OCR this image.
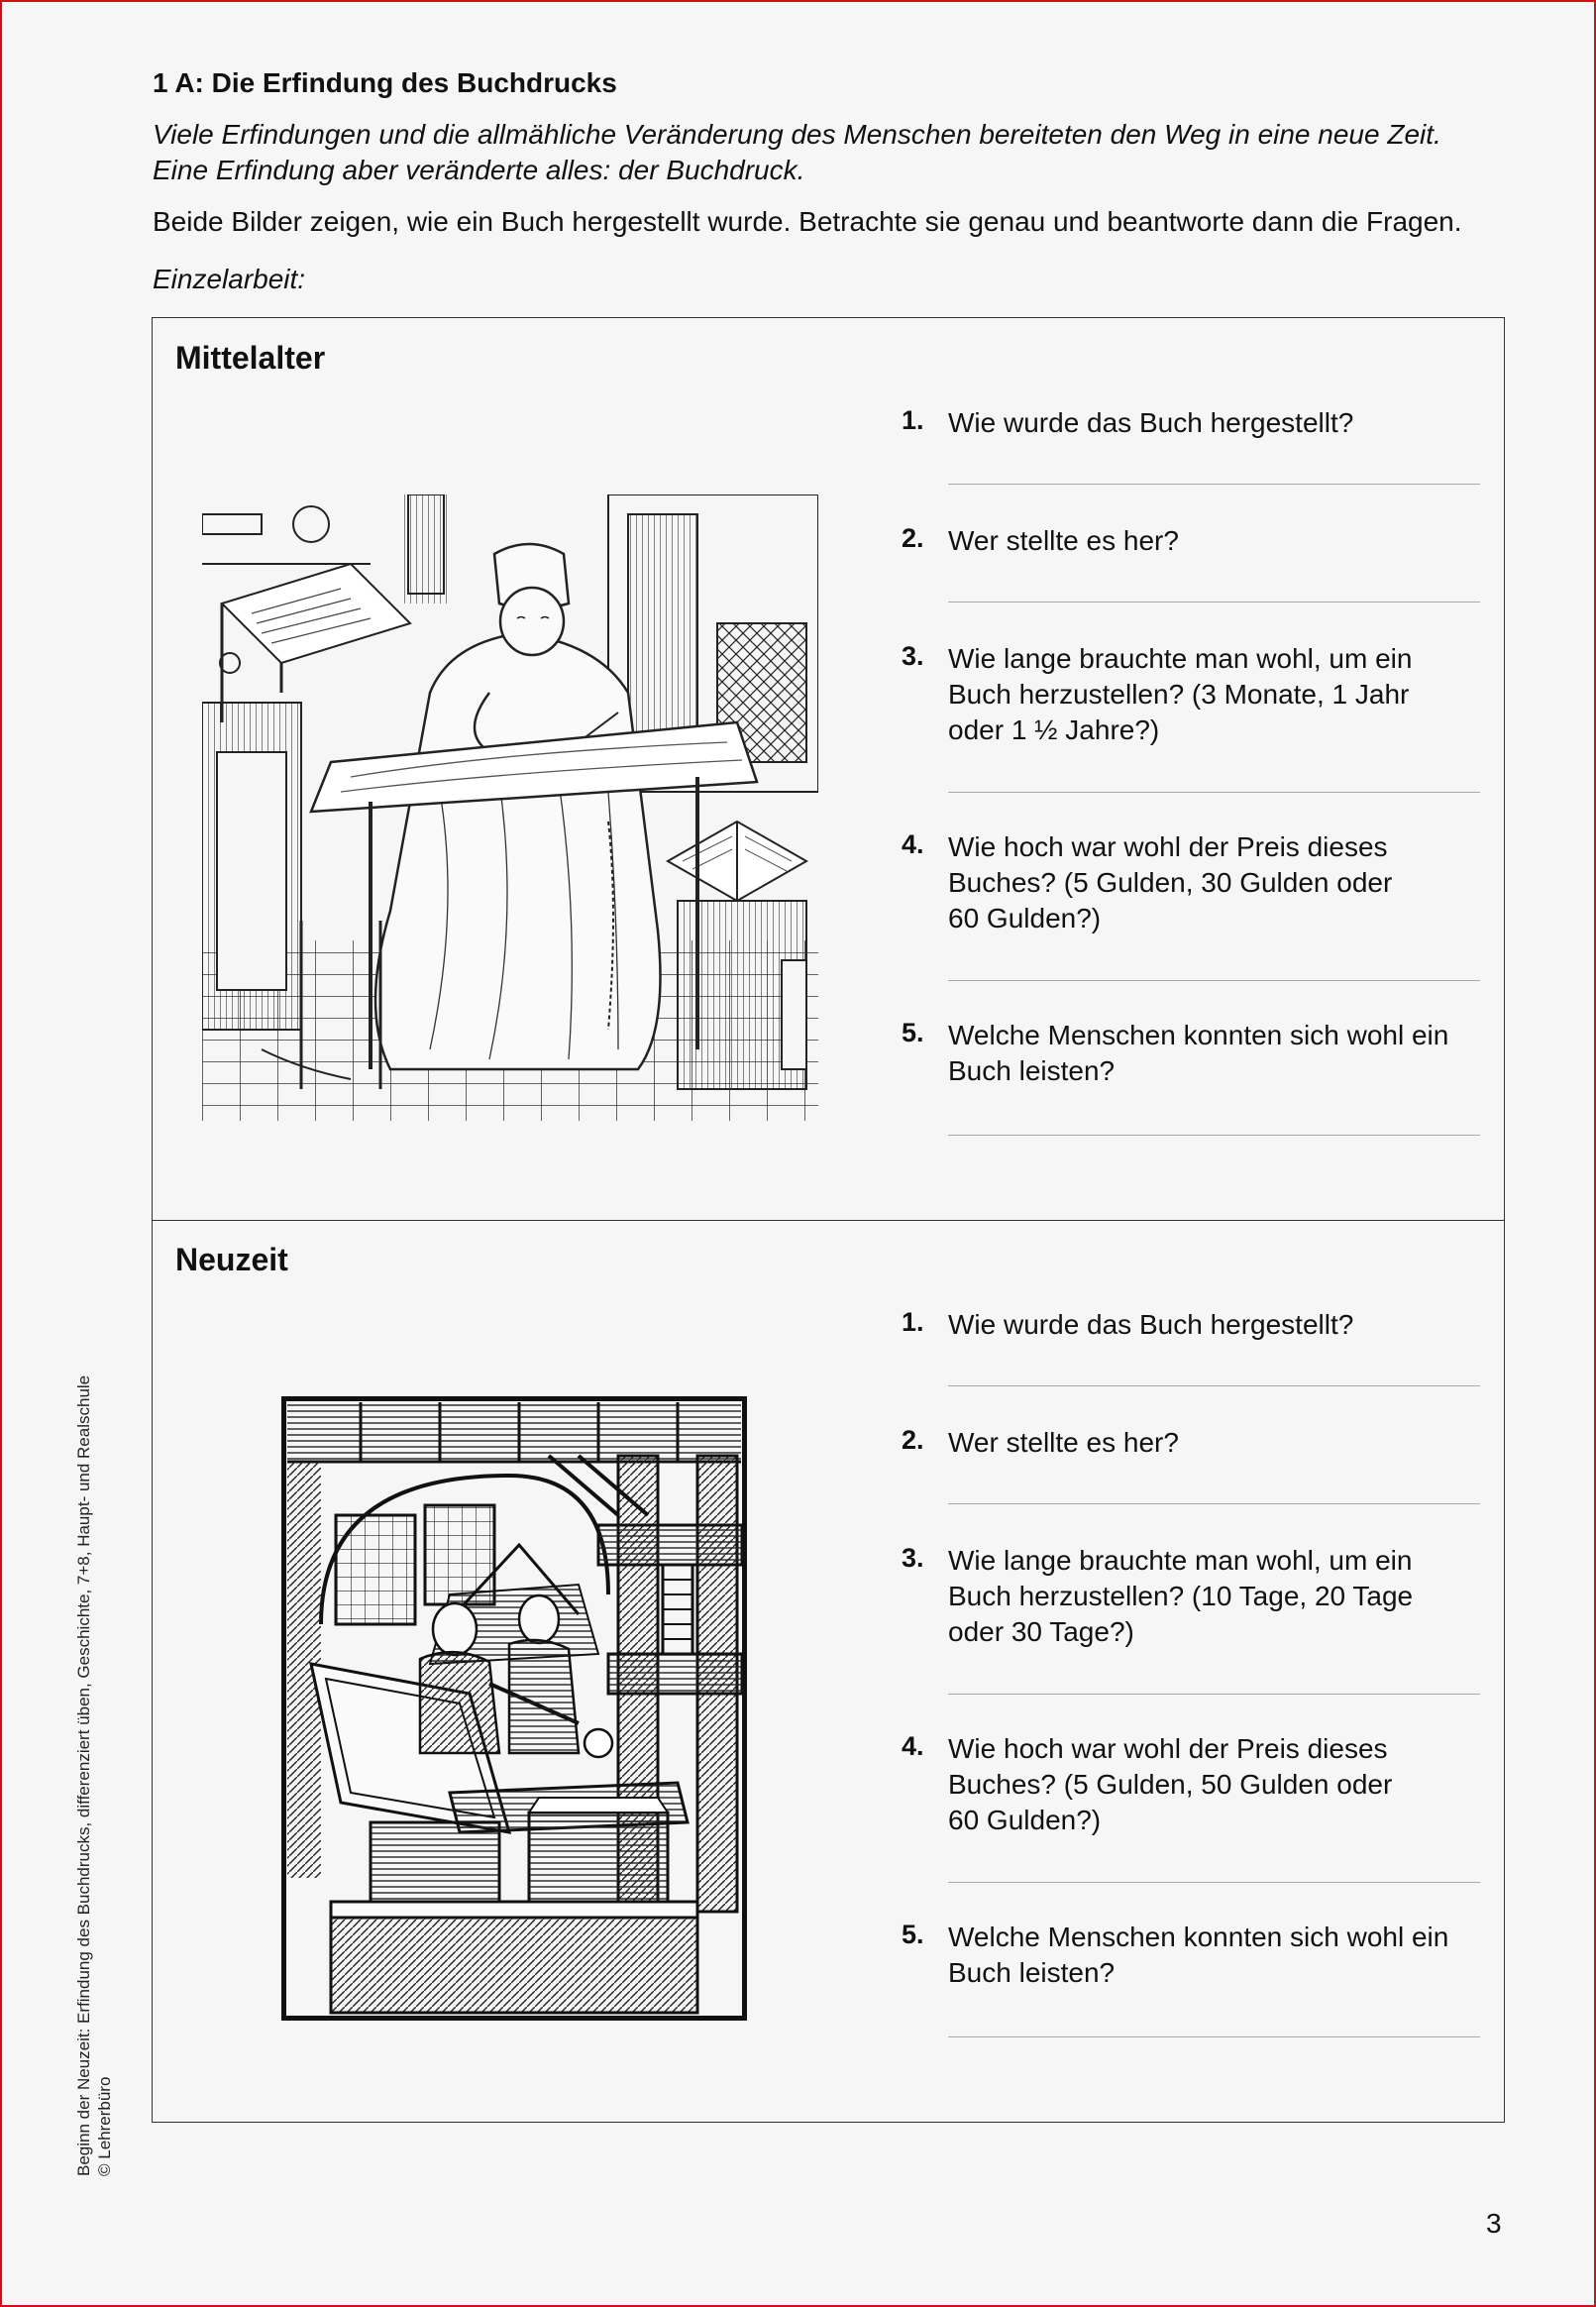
1 A: Die Erfindung des Buchdrucks
Viele Erfindungen und die allmähliche Veränderung des Menschen bereiteten den Weg in eine neue Zeit.
Eine Erfindung aber veränderte alles: der Buchdruck.
Beide Bilder zeigen, wie ein Buch hergestellt wurde. Betrachte sie genau und beantworte dann die Fragen.
Einzelarbeit:
Mittelalter
1. Wie wurde das Buch hergestellt?
2. Wer stellte es her?
3. Wie lange brauchte man wohl, um ein
Buch herzustellen? (3 Monate, 1 Jahr
oder 1 ½ Jahre?)
4. Wie hoch war wohl der Preis dieses
Buches? (5 Gulden, 30 Gulden oder
60 Gulden?)
5. Welche Menschen konnten sich wohl ein
Buch leisten?
Neuzeit
1. Wie wurde das Buch hergestellt?
2. Wer stellte es her?
3. Wie lange brauchte man wohl, um ein
Buch herzustellen? (10 Tage, 20 Tage
oder 30 Tage?)
4. Wie hoch war wohl der Preis dieses
Buches? (5 Gulden, 50 Gulden oder
60 Gulden?)
5. Welche Menschen konnten sich wohl ein
Buch leisten?
Beginn der Neuzeit: Erfindung des Buchdrucks, differenziert üben, Geschichte, 7+8, Haupt- und Realschule © Lehrerbüro
3
